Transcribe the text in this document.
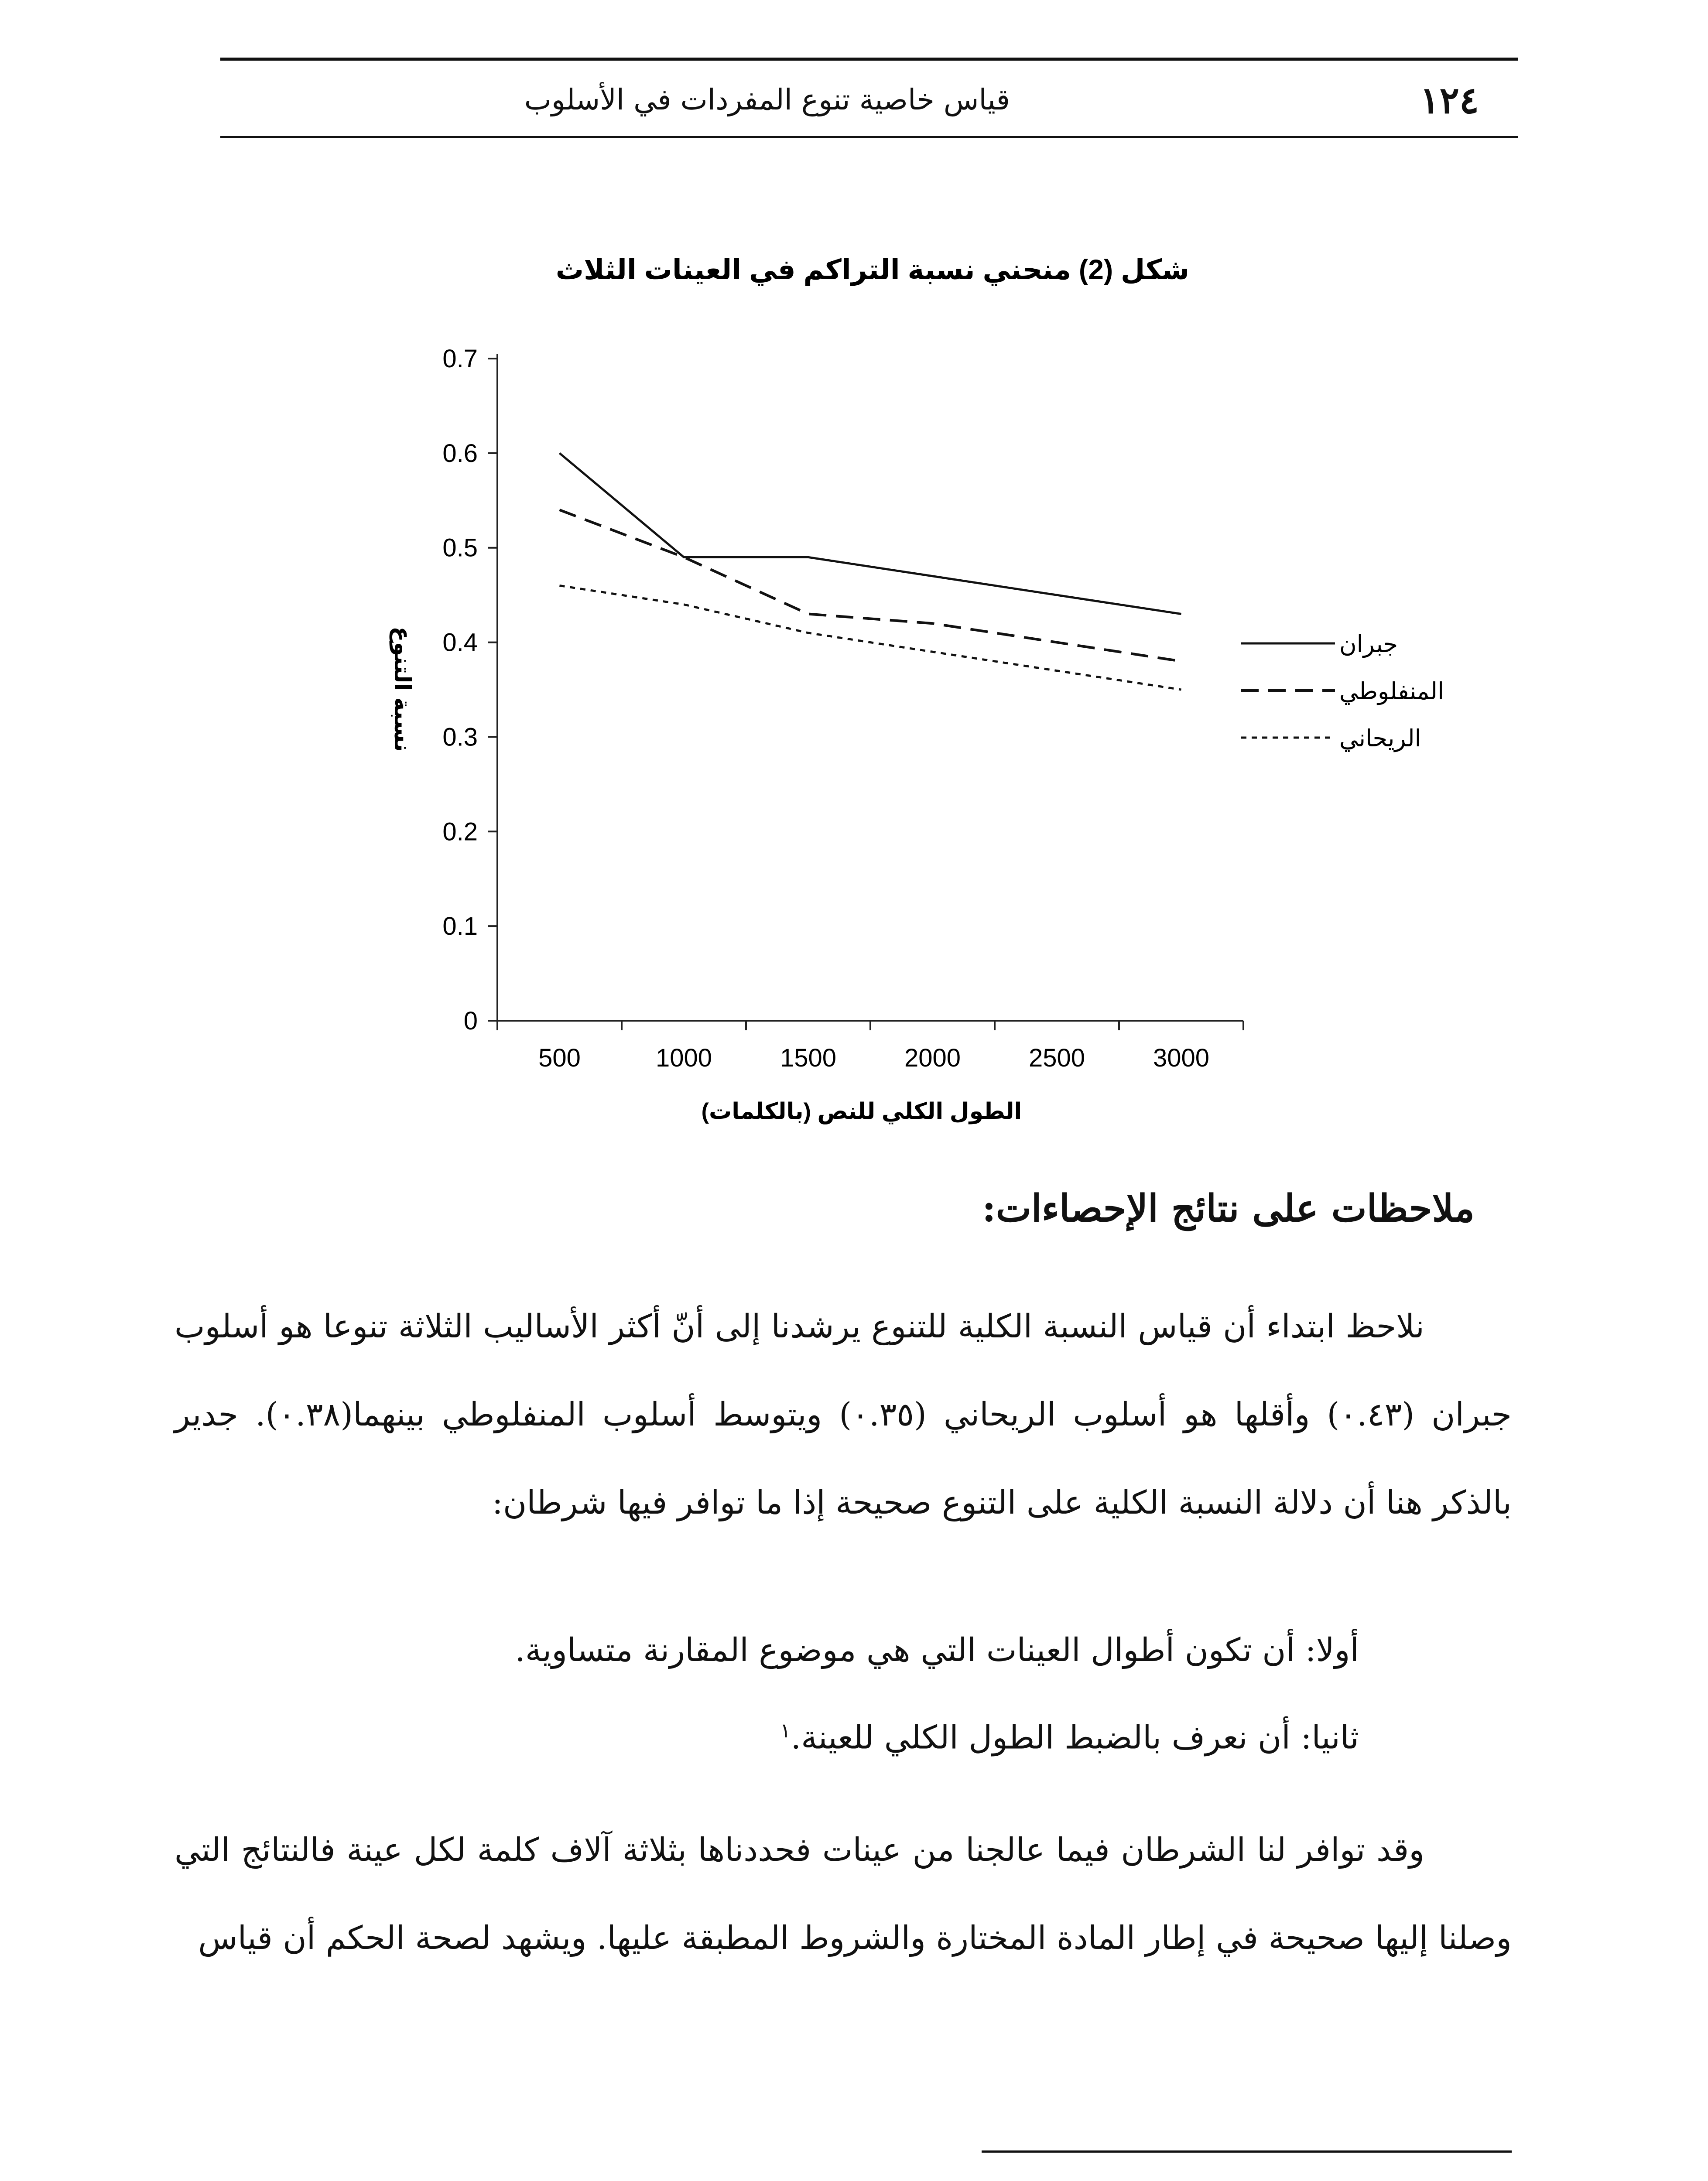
١٢٤
قياس خاصية تنوع المفردات في الأسلوب
شكل (2) منحني نسبة التراكم في العينات الثلاث
0
0.1
0.2
0.3
0.4
0.5
0.6
0.7
500	1000	1500	2000	2500	3000
جبران
المنفلوطي
الريحاني
الطول الكلي للنص (بالكلمات)
نسبة التنوع
ملاحظات على نتائج الإحصاءات:
نلاحظ ابتداء أن قياس النسبة الكلية للتنوع يرشدنا إلى أنّ أكثر الأساليب الثلاثة تنوعا هو أسلوب جبران (٠.٤٣) وأقلها هو أسلوب الريحاني (٠.٣٥) ويتوسط أسلوب المنفلوطي بينهما(٠.٣٨). جدير بالذكر هنا أن دلالة النسبة الكلية على التنوع صحيحة إذا ما توافر فيها شرطان:
أولا: أن تكون أطوال العينات التي هي موضوع المقارنة متساوية.
ثانيا: أن نعرف بالضبط الطول الكلي للعينة.$^١$
وقد توافر لنا الشرطان فيما عالجنا من عينات فحددناها بثلاثة آلاف كلمة لكل عينة فالنتائج التي وصلنا إليها صحيحة في إطار المادة المختارة والشروط المطبقة عليها. ويشهد لصحة الحكم أن قياس
